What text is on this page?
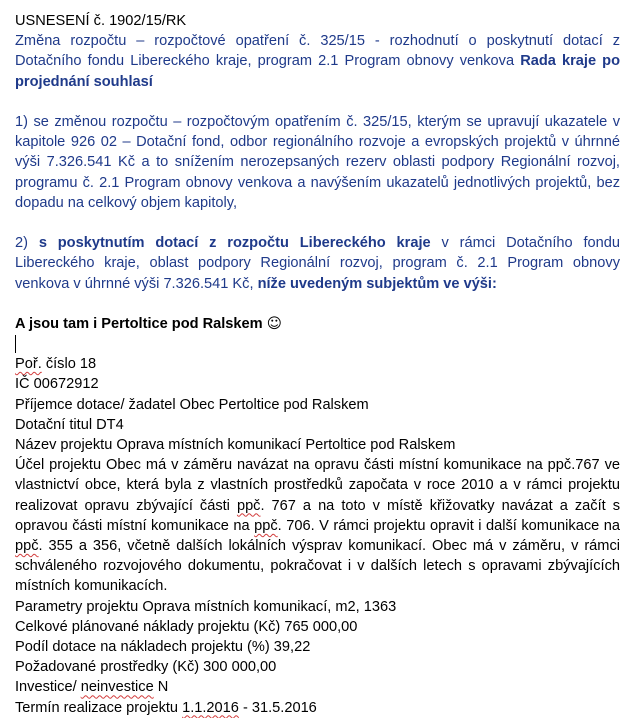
USNESENÍ č. 1902/15/RK

Změna rozpočtu – rozpočtové opatření č. 325/15 - rozhodnutí o poskytnutí dotací z Dotačního fondu Libereckého kraje, program 2.1 Program obnovy venkova Rada kraje po projednání souhlasí

1) se změnou rozpočtu – rozpočtovým opatřením č. 325/15, kterým se upravují ukazatele v kapitole 926 02 – Dotační fond, odbor regionálního rozvoje a evropských projektů v úhrnné výši 7.326.541 Kč a to snížením nerozepsaných rezerv oblasti podpory Regionální rozvoj, programu č. 2.1 Program obnovy venkova a navýšením ukazatelů jednotlivých projektů, bez dopadu na celkový objem kapitoly,

2) s poskytnutím dotací z rozpočtu Libereckého kraje v rámci Dotačního fondu Libereckého kraje, oblast podpory Regionální rozvoj, program č. 2.1 Program obnovy venkova v úhrnné výši 7.326.541 Kč, níže uvedeným subjektům ve výši:

A jsou tam i Pertoltice pod Ralskem ☺

Poř. číslo 18

IČ 00672912

Příjemce dotace/ žadatel Obec Pertoltice pod Ralskem

Dotační titul DT4

Název projektu Oprava místních komunikací Pertoltice pod Ralskem

Účel projektu Obec má v záměru navázat na opravu části místní komunikace na ppč.767 ve vlastnictví obce, která byla z vlastních prostředků započata v roce 2010 a v rámci projektu realizovat opravu zbývající části ppč. 767 a na toto v místě křižovatky navázat a začít s opravou části místní komunikace na ppč. 706. V rámci projektu opravit i další komunikace na ppč. 355 a 356, včetně dalších lokálních výsprav komunikací. Obec má v záměru, v rámci schváleného rozvojového dokumentu, pokračovat i v dalších letech s opravami zbývajících místních komunikacích.

Parametry projektu Oprava místních komunikací, m2, 1363

Celkové plánované náklady projektu (Kč) 765 000,00

Podíl dotace na nákladech projektu (%) 39,22

Požadované prostředky (Kč) 300 000,00

Investice/ neinvestice N

Termín realizace projektu 1.1.2016 - 31.5.2016
